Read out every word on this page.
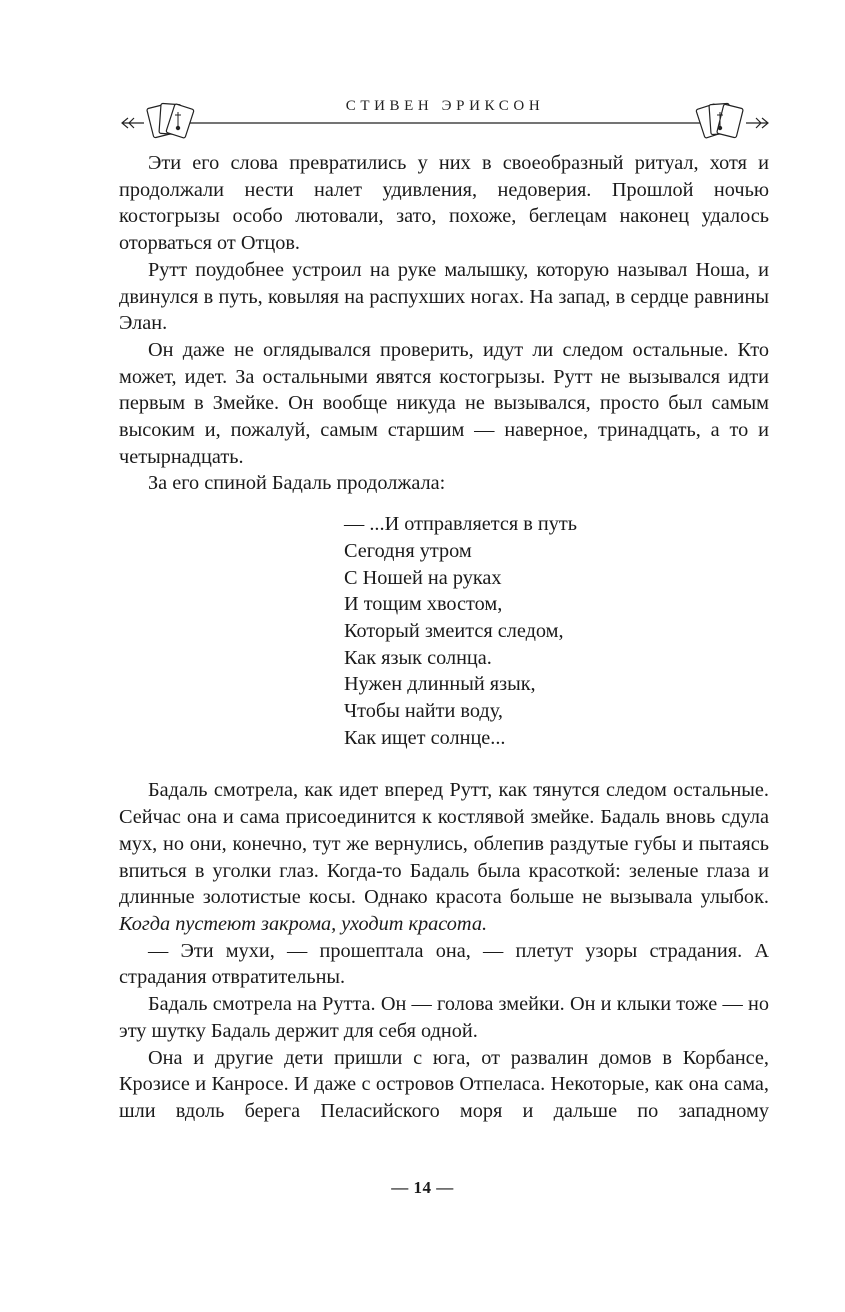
СТИВЕН ЭРИКСОН

Эти его слова превратились у них в своеобразный ритуал, хотя и продолжали нести налет удивления, недоверия. Прошлой ночью костогрызы особо лютовали, зато, похоже, беглецам наконец удалось оторваться от Отцов.

Рутт поудобнее устроил на руке малышку, которую называл Ноша, и двинулся в путь, ковыляя на распухших ногах. На запад, в сердце равнины Элан.

Он даже не оглядывался проверить, идут ли следом остальные. Кто может, идет. За остальными явятся костогрызы. Рутт не вызывался идти первым в Змейке. Он вообще никуда не вызывался, просто был самым высоким и, пожалуй, самым старшим — наверное, тринадцать, а то и четырнадцать.

За его спиной Бадаль продолжала:

— ...И отправляется в путь
Сегодня утром
С Ношей на руках
И тощим хвостом,
Который змеится следом,
Как язык солнца.
Нужен длинный язык,
Чтобы найти воду,
Как ищет солнце...

Бадаль смотрела, как идет вперед Рутт, как тянутся следом остальные. Сейчас она и сама присоединится к костлявой змейке. Бадаль вновь сдула мух, но они, конечно, тут же вернулись, облепив раздутые губы и пытаясь впиться в уголки глаз. Когда-то Бадаль была красоткой: зеленые глаза и длинные золотистые косы. Однако красота больше не вызывала улыбок. Когда пустеют закрома, уходит красота.

— Эти мухи, — прошептала она, — плетут узоры страдания. А страдания отвратительны.

Бадаль смотрела на Рутта. Он — голова змейки. Он и клыки тоже — но эту шутку Бадаль держит для себя одной.

Она и другие дети пришли с юга, от развалин домов в Корбансе, Крозисе и Канросе. И даже с островов Отпеласа. Некоторые, как она сама, шли вдоль берега Пеласийского моря и дальше по западному

— 14 —
